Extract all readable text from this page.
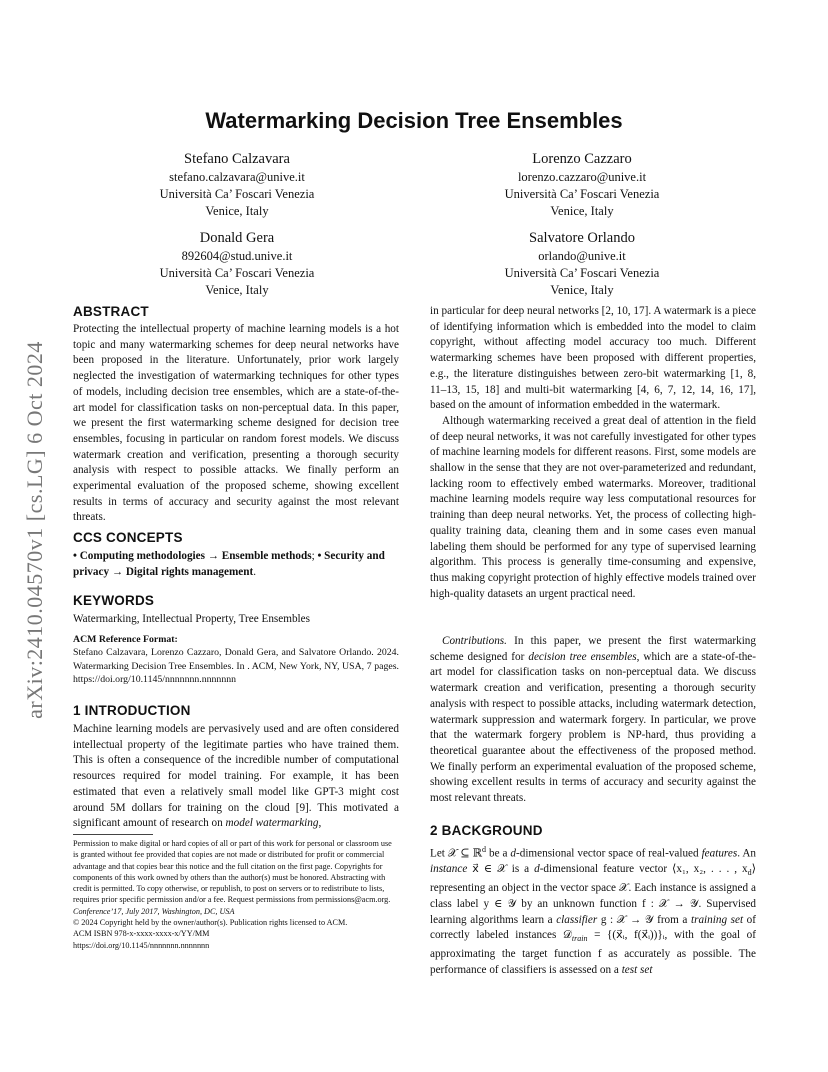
Watermarking Decision Tree Ensembles
arXiv:2410.04570v1 [cs.LG] 6 Oct 2024
Stefano Calzavara
stefano.calzavara@unive.it
Università Ca’ Foscari Venezia
Venice, Italy
Lorenzo Cazzaro
lorenzo.cazzaro@unive.it
Università Ca’ Foscari Venezia
Venice, Italy
Donald Gera
892604@stud.unive.it
Università Ca’ Foscari Venezia
Venice, Italy
Salvatore Orlando
orlando@unive.it
Università Ca’ Foscari Venezia
Venice, Italy
ABSTRACT
Protecting the intellectual property of machine learning models is a hot topic and many watermarking schemes for deep neural networks have been proposed in the literature. Unfortunately, prior work largely neglected the investigation of watermarking techniques for other types of models, including decision tree ensembles, which are a state-of-the-art model for classification tasks on non-perceptual data. In this paper, we present the first watermarking scheme designed for decision tree ensembles, focusing in particular on random forest models. We discuss watermark creation and verification, presenting a thorough security analysis with respect to possible attacks. We finally perform an experimental evaluation of the proposed scheme, showing excellent results in terms of accuracy and security against the most relevant threats.
CCS CONCEPTS
• Computing methodologies → Ensemble methods; • Security and privacy → Digital rights management.
KEYWORDS
Watermarking, Intellectual Property, Tree Ensembles
ACM Reference Format:
Stefano Calzavara, Lorenzo Cazzaro, Donald Gera, and Salvatore Orlando. 2024. Watermarking Decision Tree Ensembles. In . ACM, New York, NY, USA, 7 pages. https://doi.org/10.1145/nnnnnnn.nnnnnnn
1 INTRODUCTION
Machine learning models are pervasively used and are often considered intellectual property of the legitimate parties who have trained them. This is often a consequence of the incredible number of computational resources required for model training. For example, it has been estimated that even a relatively small model like GPT-3 might cost around 5M dollars for training on the cloud [9]. This motivated a significant amount of research on model watermarking,
Permission to make digital or hard copies of all or part of this work for personal or classroom use is granted without fee provided that copies are not made or distributed for profit or commercial advantage and that copies bear this notice and the full citation on the first page. Copyrights for components of this work owned by others than the author(s) must be honored. Abstracting with credit is permitted. To copy otherwise, or republish, to post on servers or to redistribute to lists, requires prior specific permission and/or a fee. Request permissions from permissions@acm.org.
Conference’17, July 2017, Washington, DC, USA
© 2024 Copyright held by the owner/author(s). Publication rights licensed to ACM.
ACM ISBN 978-x-xxxx-xxxx-x/YY/MM
https://doi.org/10.1145/nnnnnnn.nnnnnnn

in particular for deep neural networks [2, 10, 17]. A watermark is a piece of identifying information which is embedded into the model to claim copyright, without affecting model accuracy too much. Different watermarking schemes have been proposed with different properties, e.g., the literature distinguishes between zero-bit watermarking [1, 8, 11–13, 15, 18] and multi-bit watermarking [4, 6, 7, 12, 14, 16, 17], based on the amount of information embedded in the watermark.

Although watermarking received a great deal of attention in the field of deep neural networks, it was not carefully investigated for other types of machine learning models for different reasons. First, some models are shallow in the sense that they are not over-parameterized and redundant, lacking room to effectively embed watermarks. Moreover, traditional machine learning models require way less computational resources for training than deep neural networks. Yet, the process of collecting high-quality training data, cleaning them and in some cases even manual labeling them should be performed for any type of supervised learning algorithm. This process is generally time-consuming and expensive, thus making copyright protection of highly effective models trained over high-quality datasets an urgent practical need.

Contributions. In this paper, we present the first watermarking scheme designed for decision tree ensembles, which are a state-of-the-art model for classification tasks on non-perceptual data. We discuss watermark creation and verification, presenting a thorough security analysis with respect to possible attacks, including watermark detection, watermark suppression and watermark forgery. In particular, we prove that the watermark forgery problem is NP-hard, thus providing a theoretical guarantee about the effectiveness of the proposed method. We finally perform an experimental evaluation of the proposed scheme, showing excellent results in terms of accuracy and security against the most relevant threats.
2 BACKGROUND
Let 𝒳 ⊆ ℝ$^d$ be a d-dimensional vector space of real-valued features. An instance x⃗ ∈ 𝒳 is a d-dimensional feature vector ⟨x₁, x₂, . . . , $x_d⟩$ representing an object in the vector space 𝒳. Each instance is assigned a class label y ∈ 𝒴 by an unknown function f : 𝒳 → 𝒴. Supervised learning algorithms learn a classifier g : 𝒳 → 𝒴 from a training set of correctly labeled instances 𝒟$_{train}$ = {(x⃗ᵢ, f(x⃗ᵢ))}ᵢ, with the goal of approximating the target function f as accurately as possible. The performance of classifiers is assessed on a test set
